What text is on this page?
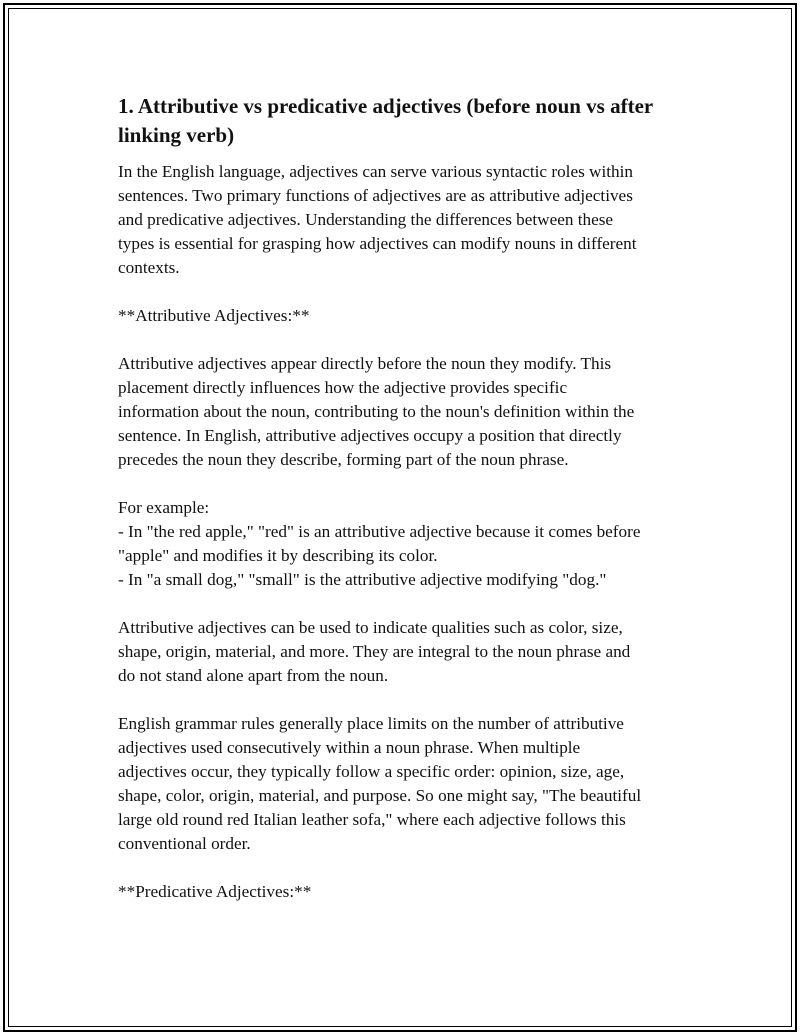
1. Attributive vs predicative adjectives (before noun vs after
linking verb)

In the English language, adjectives can serve various syntactic roles within
sentences. Two primary functions of adjectives are as attributive adjectives
and predicative adjectives. Understanding the differences between these
types is essential for grasping how adjectives can modify nouns in different
contexts.

**Attributive Adjectives:**

Attributive adjectives appear directly before the noun they modify. This
placement directly influences how the adjective provides specific
information about the noun, contributing to the noun's definition within the
sentence. In English, attributive adjectives occupy a position that directly
precedes the noun they describe, forming part of the noun phrase.

For example:
- In "the red apple," "red" is an attributive adjective because it comes before
"apple" and modifies it by describing its color.
- In "a small dog," "small" is the attributive adjective modifying "dog."

Attributive adjectives can be used to indicate qualities such as color, size,
shape, origin, material, and more. They are integral to the noun phrase and
do not stand alone apart from the noun.

English grammar rules generally place limits on the number of attributive
adjectives used consecutively within a noun phrase. When multiple
adjectives occur, they typically follow a specific order: opinion, size, age,
shape, color, origin, material, and purpose. So one might say, "The beautiful
large old round red Italian leather sofa," where each adjective follows this
conventional order.

**Predicative Adjectives:**
